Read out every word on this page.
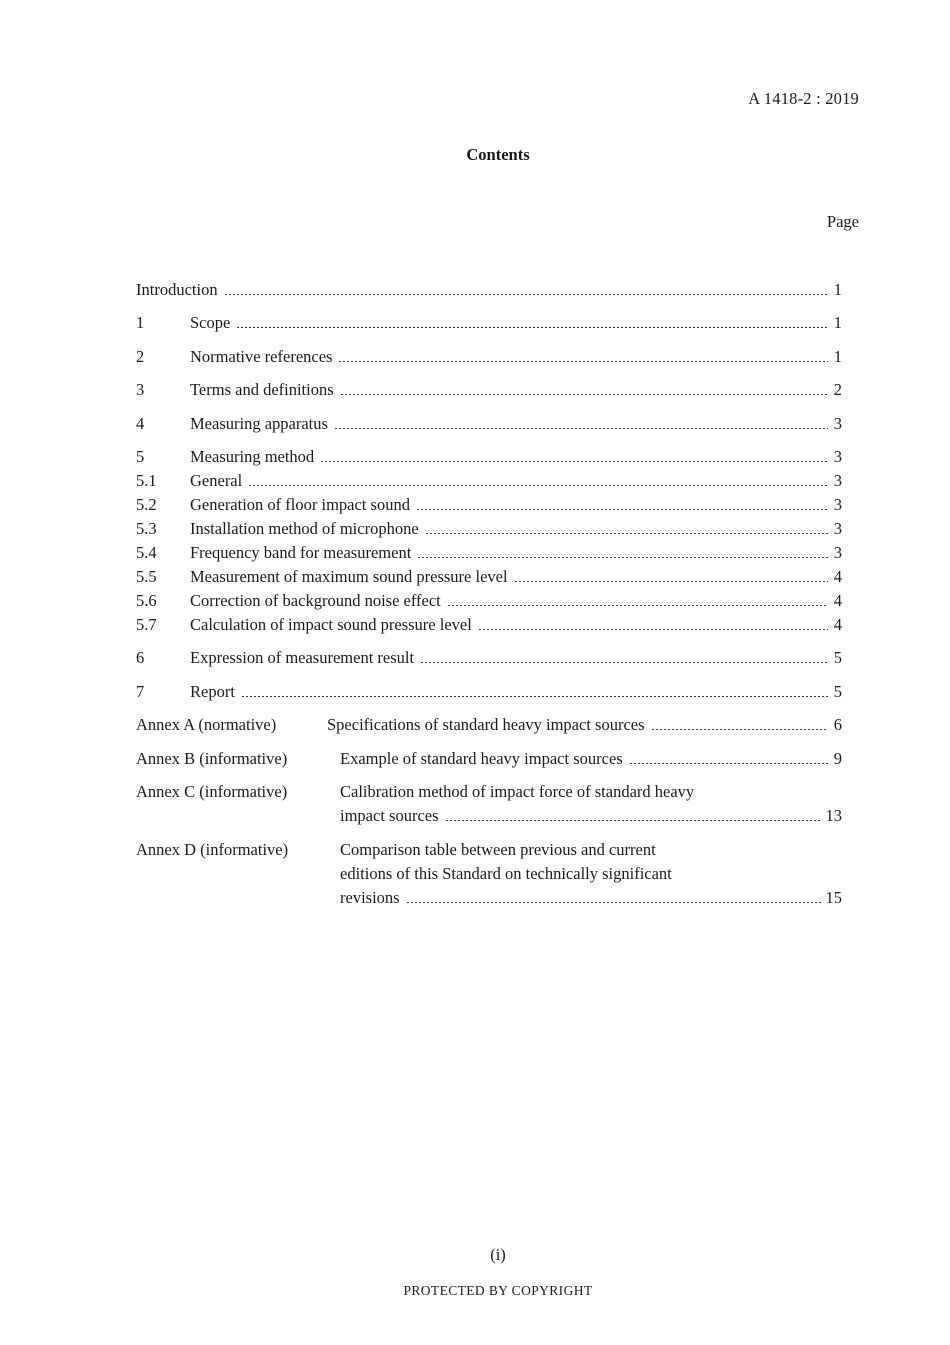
A 1418-2 : 2019
Contents
Page
Introduction	1
1	Scope	1
2	Normative references	1
3	Terms and definitions	2
4	Measuring apparatus	3
5	Measuring method	3
5.1	General	3
5.2	Generation of floor impact sound	3
5.3	Installation method of microphone	3
5.4	Frequency band for measurement	3
5.5	Measurement of maximum sound pressure level	4
5.6	Correction of background noise effect	4
5.7	Calculation of impact sound pressure level	4
6	Expression of measurement result	5
7	Report	5
Annex A (normative)	Specifications of standard heavy impact sources	6
Annex B (informative)	Example of standard heavy impact sources	9
Annex C (informative)	Calibration method of impact force of standard heavy
impact sources	13
Annex D (informative)	Comparison table between previous and current
editions of this Standard on technically significant
revisions	15
(i)
PROTECTED BY COPYRIGHT
